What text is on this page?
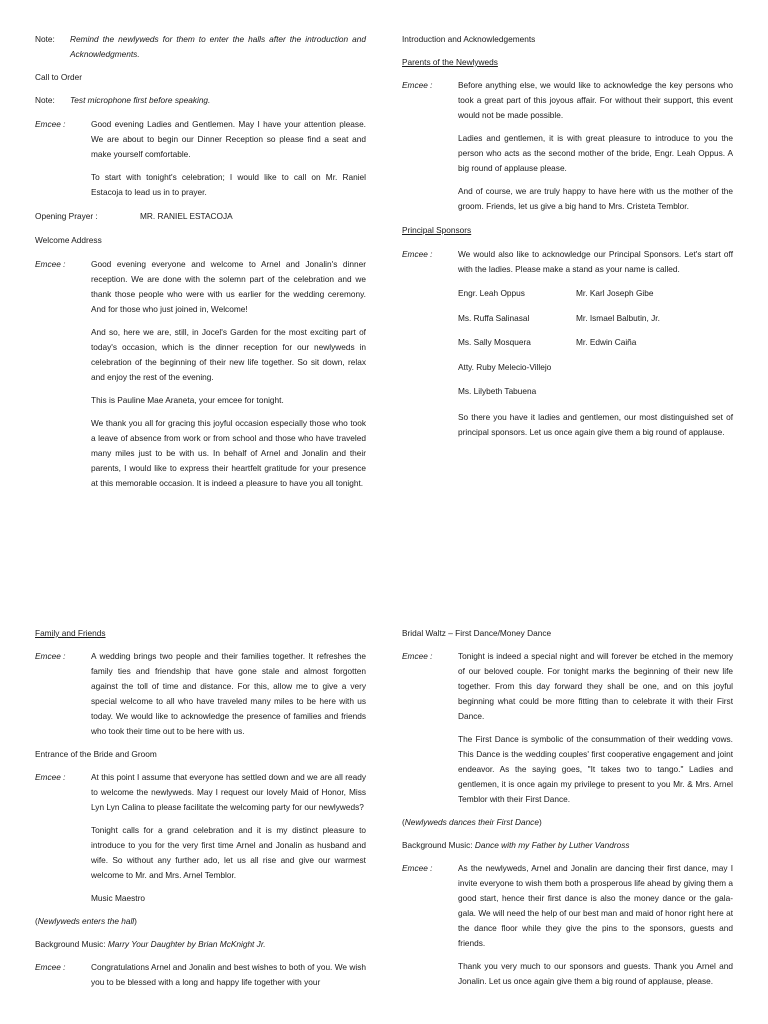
Note:	Remind the newlyweds for them to enter the halls after the introduction and Acknowledgments.

Call to Order

Note:	Test microphone first before speaking.
Emcee :	Good evening Ladies and Gentlemen. May I have your attention please. We are about to begin our Dinner Reception so please find a seat and make yourself comfortable.

To start with tonight's celebration; I would like to call on Mr. Raniel Estacoja to lead us in to prayer.

Opening Prayer :	MR. RANIEL ESTACOJA

Welcome Address

Emcee :	Good evening everyone and welcome to Arnel and Jonalin's dinner reception. We are done with the solemn part of the celebration and we thank those people who were with us earlier for the wedding ceremony. And for those who just joined in, Welcome!

And so, here we are, still, in Jocel's Garden for the most exciting part of today's occasion, which is the dinner reception for our newlyweds in celebration of the beginning of their new life together. So sit down, relax and enjoy the rest of the evening.

This is Pauline Mae Araneta, your emcee for tonight.

We thank you all for gracing this joyful occasion especially those who took a leave of absence from work or from school and those who have traveled many miles just to be with us. In behalf of Arnel and Jonalin and their parents, I would like to express their heartfelt gratitude for your presence at this memorable occasion. It is indeed a pleasure to have you all tonight.

Introduction and Acknowledgements

Parents of the Newlyweds

Emcee :	Before anything else, we would like to acknowledge the key persons who took a great part of this joyous affair. For without their support, this event would not be made possible.

Ladies and gentlemen, it is with great pleasure to introduce to you the person who acts as the second mother of the bride, Engr. Leah Oppus. A big round of applause please.

And of course, we are truly happy to have here with us the mother of the groom. Friends, let us give a big hand to Mrs. Cristeta Temblor.

Principal Sponsors

Emcee :	We would also like to acknowledge our Principal Sponsors. Let's start off with the ladies. Please make a stand as your name is called.
Engr. Leah Oppus	Mr. Karl Joseph Gibe
Ms. Ruffa Salinasal	Mr. Ismael Balbutin, Jr.
Ms. Sally Mosquera	Mr. Edwin Caiña
Atty. Ruby Melecio-Villejo	
Ms. Lilybeth Tabuena	

So there you have it ladies and gentlemen, our most distinguished set of principal sponsors. Let us once again give them a big round of applause.

Family and Friends

Emcee :	A wedding brings two people and their families together. It refreshes the family ties and friendship that have gone stale and almost forgotten against the toll of time and distance. For this, allow me to give a very special welcome to all who have traveled many miles to be here with us today. We would like to acknowledge the presence of families and friends who took their time out to be here with us.

Entrance of the Bride and Groom

Emcee :	At this point I assume that everyone has settled down and we are all ready to welcome the newlyweds. May I request our lovely Maid of Honor, Miss Lyn Lyn Calina to please facilitate the welcoming party for our newlyweds?

Tonight calls for a grand celebration and it is my distinct pleasure to introduce to you for the very first time Arnel and Jonalin as husband and wife. So without any further ado, let us all rise and give our warmest welcome to Mr. and Mrs. Arnel Temblor.

Music Maestro

(Newlyweds enters the hall)

Background Music: Marry Your Daughter by Brian McKnight Jr.

Emcee :	Congratulations Arnel and Jonalin and best wishes to both of you. We wish you to be blessed with a long and happy life together with your

Bridal Waltz – First Dance/Money Dance

Emcee :	Tonight is indeed a special night and will forever be etched in the memory of our beloved couple. For tonight marks the beginning of their new life together. From this day forward they shall be one, and on this joyful beginning what could be more fitting than to celebrate it with their First Dance.

The First Dance is symbolic of the consummation of their wedding vows. This Dance is the wedding couples' first cooperative engagement and joint endeavor. As the saying goes, "It takes two to tango." Ladies and gentlemen, it is once again my privilege to present to you Mr. & Mrs. Arnel Temblor with their First Dance.

(Newlyweds dances their First Dance)

Background Music: Dance with my Father by Luther Vandross

Emcee :	As the newlyweds, Arnel and Jonalin are dancing their first dance, may I invite everyone to wish them both a prosperous life ahead by giving them a good start, hence their first dance is also the money dance or the gala-gala. We will need the help of our best man and maid of honor right here at the dance floor while they give the pins to the sponsors, guests and friends.

Thank you very much to our sponsors and guests. Thank you Arnel and Jonalin. Let us once again give them a big round of applause, please.
